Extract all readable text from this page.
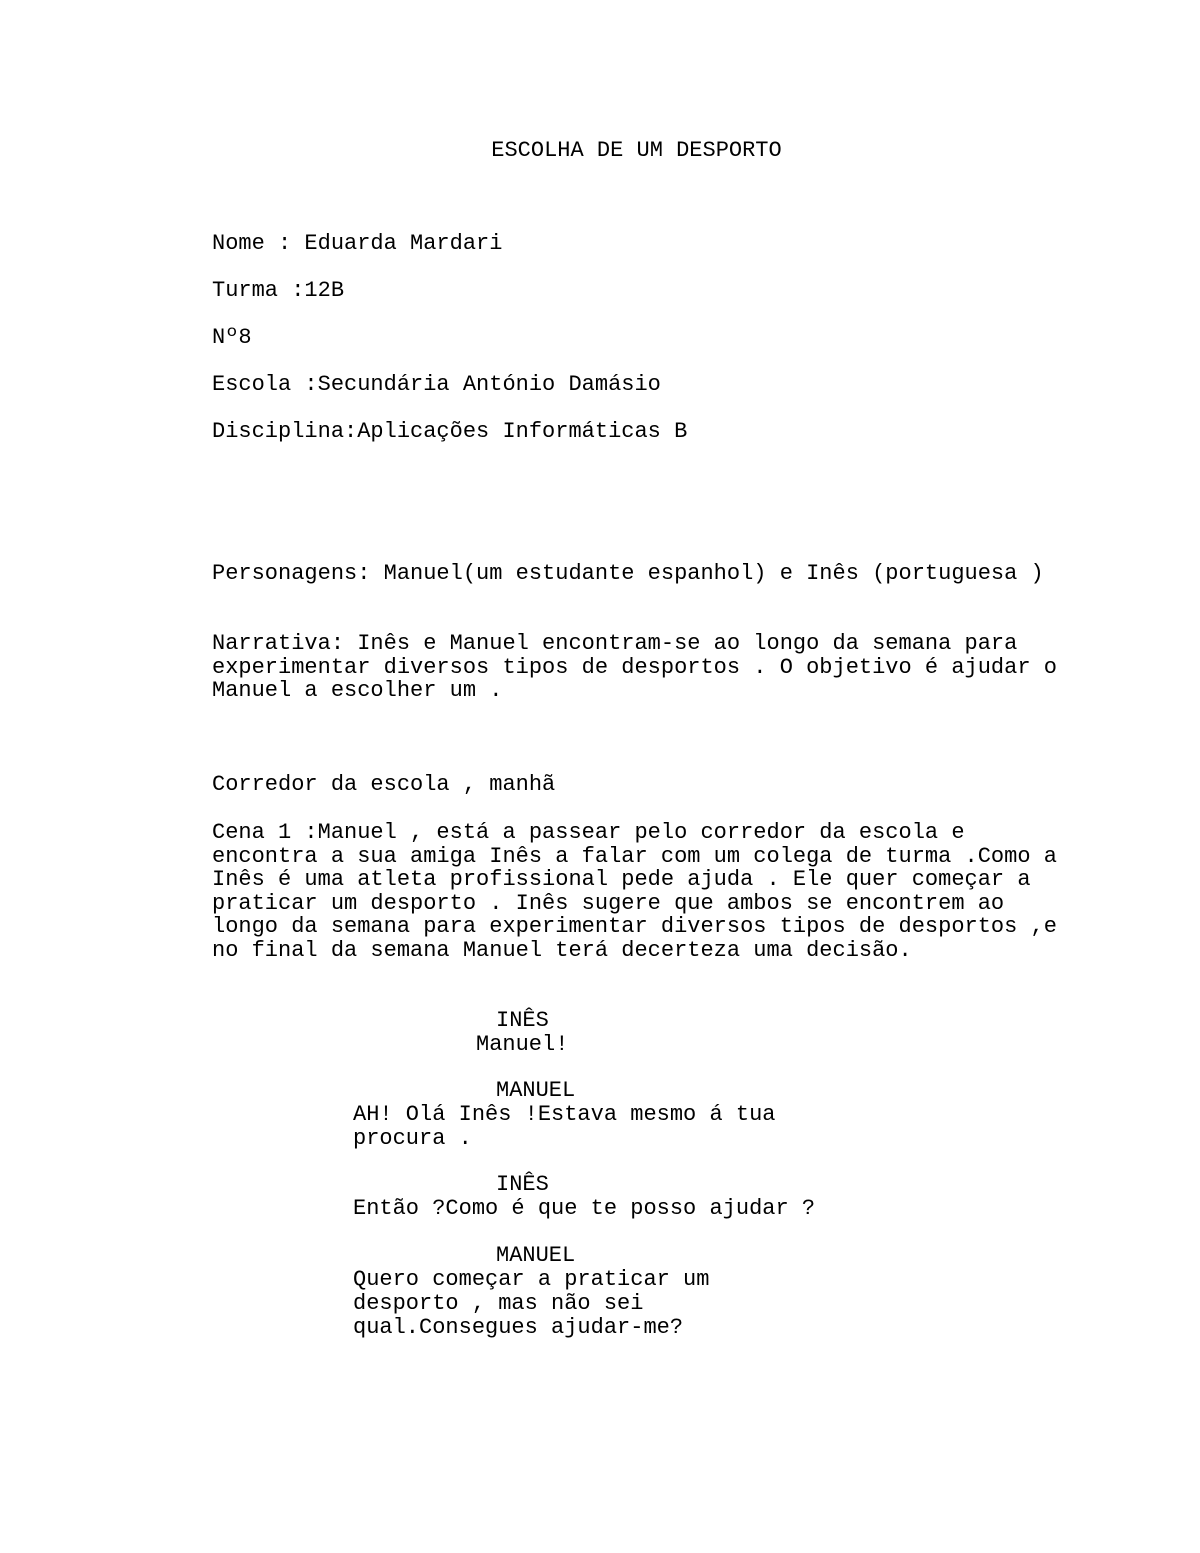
ESCOLHA DE UM DESPORTO
Nome : Eduarda Mardari
Turma :12B
Nº8
Escola :Secundária António Damásio
Disciplina:Aplicações Informáticas B
Personagens: Manuel(um estudante espanhol) e Inês (portuguesa )
Narrativa: Inês e Manuel encontram-se ao longo da semana para experimentar diversos tipos de desportos . O objetivo é ajudar o Manuel a escolher um .
Corredor da escola , manhã
Cena 1 :Manuel , está a passear pelo corredor da escola e encontra a sua amiga Inês a falar com um colega de turma .Como a Inês é uma atleta profissional pede ajuda . Ele quer começar a praticar um desporto . Inês sugere que ambos se encontrem ao longo da semana para experimentar diversos tipos de desportos ,e no final da semana Manuel terá decerteza uma decisão.
INÊS
Manuel!
MANUEL
AH! Olá Inês !Estava mesmo á tua procura .
INÊS
Então ?Como é que te posso ajudar ?
MANUEL
Quero começar a praticar um desporto , mas não sei qual.Consegues ajudar-me?
